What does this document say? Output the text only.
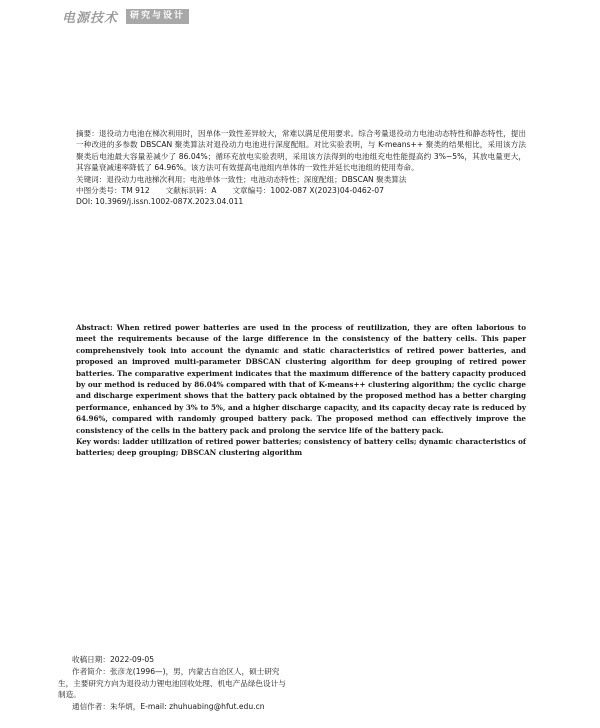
电源技术	研究与设计

摘要：退役动力电池在梯次利用时，因单体一致性差异较大，常难以满足使用要求。综合考量退役动力电池动态特性和静态特性，提出一种改进的多参数 DBSCAN 聚类算法对退役动力电池进行深度配组。对比实验表明，与 K-means++ 聚类的结果相比，采用该方法聚类后电池最大容量差减少了 86.04%；循环充放电实验表明，采用该方法得到的电池组充电性能提高约 3%~5%，其放电量更大，其容量衰减速率降低了 64.96%。该方法可有效提高电池组内单体的一致性并延长电池组的使用寿命。

关键词：退役动力电池梯次利用；电池单体一致性；电池动态特性；深度配组；DBSCAN 聚类算法

中图分类号：TM 912 文献标识码：A 文章编号：1002-087 X(2023)04-0462-07

DOI: 10.3969/j.issn.1002-087X.2023.04.011

Abstract: When retired power batteries are used in the process of reutilization, they are often laborious to meet the requirements because of the large difference in the consistency of the battery cells. This paper comprehensively took into account the dynamic and static characteristics of retired power batteries, and proposed an improved multi-parameter DBSCAN clustering algorithm for deep grouping of retired power batteries. The comparative experiment indicates that the maximum difference of the battery capacity produced by our method is reduced by 86.04% compared with that of K-means++ clustering algorithm; the cyclic charge and discharge experiment shows that the battery pack obtained by the proposed method has a better charging performance, enhanced by 3% to 5%, and a higher discharge capacity, and its capacity decay rate is reduced by 64.96%, compared with randomly grouped battery pack. The proposed method can effectively improve the consistency of the cells in the battery pack and prolong the service life of the battery pack.

Key words: ladder utilization of retired power batteries; consistency of battery cells; dynamic characteristics of batteries; deep grouping; DBSCAN clustering algorithm

收稿日期：2022-09-05

作者简介：张彦龙(1996—)，男，内蒙古自治区人，硕士研究生，主要研究方向为退役动力锂电池回收处理、机电产品绿色设计与制造。

通信作者：朱华炳，E-mail: zhuhuabing@hfut.edu.cn
